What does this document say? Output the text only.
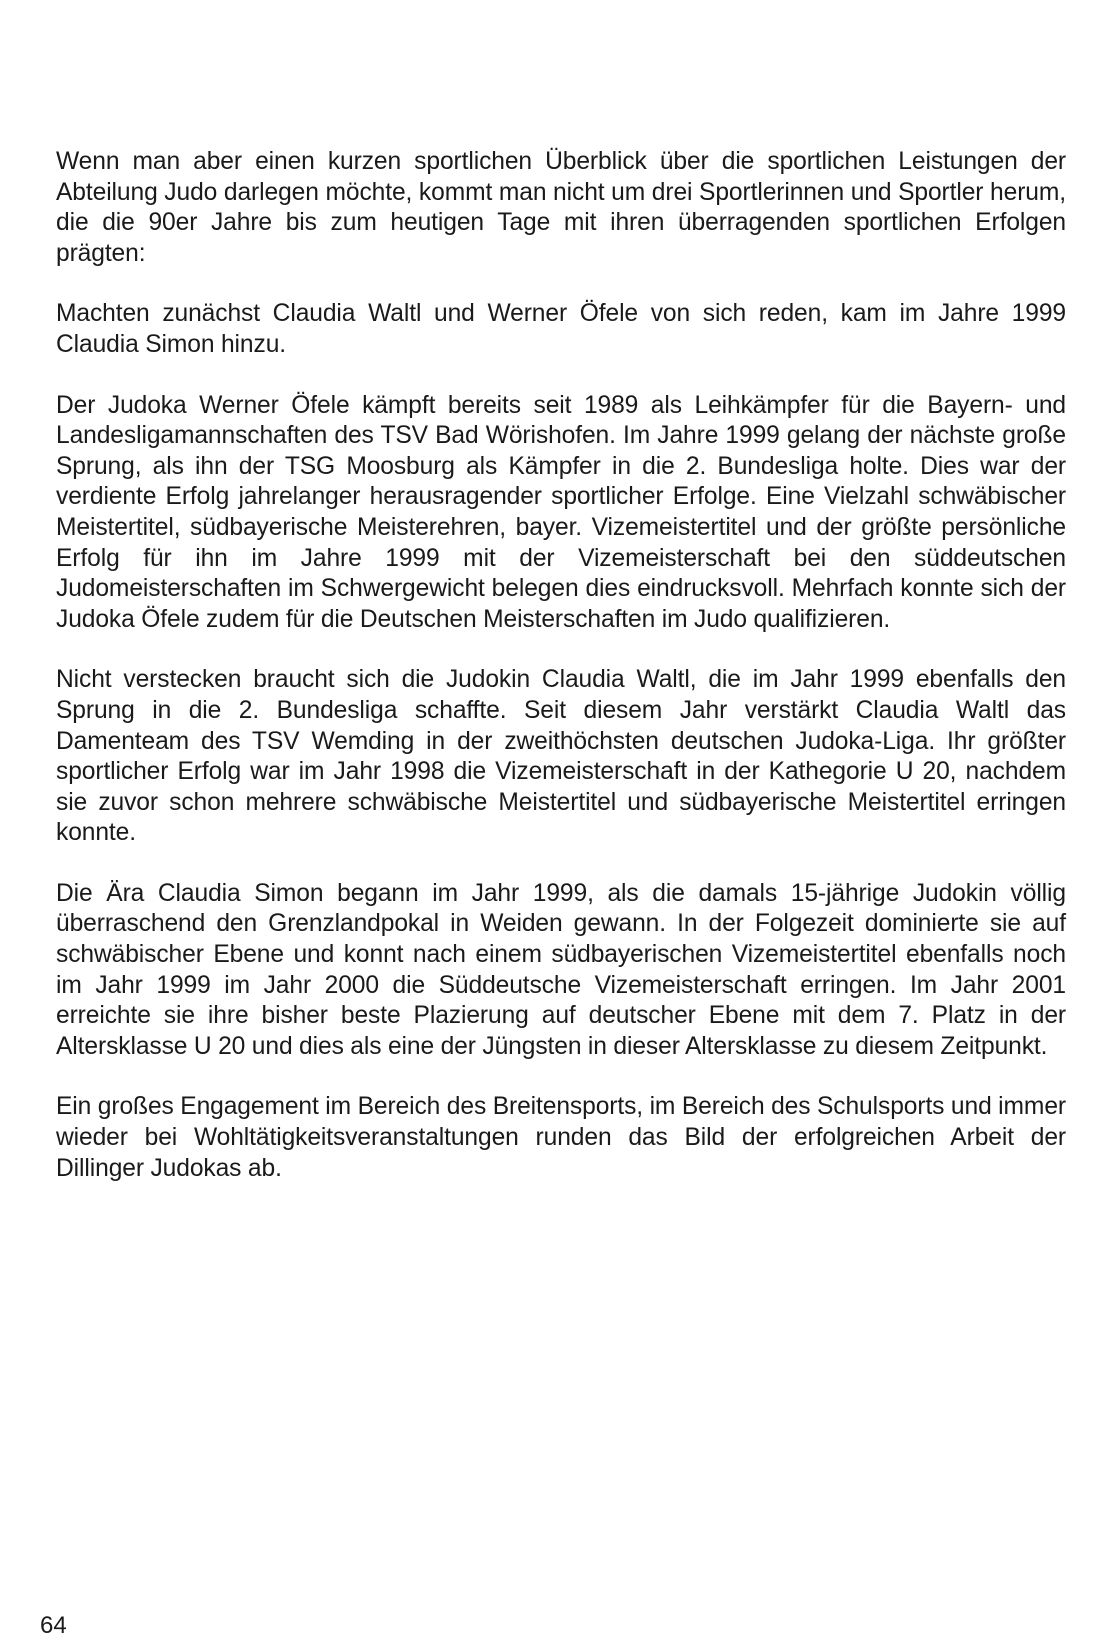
Wenn man aber einen kurzen sportlichen Überblick über die sportlichen Leistungen der Abteilung Judo darlegen möchte, kommt man nicht um drei Sportlerinnen und Sportler herum, die die 90er Jahre bis zum heutigen Tage mit ihren überragenden sportlichen Erfolgen prägten:

Machten zunächst Claudia Waltl und Werner Öfele von sich reden, kam im Jahre 1999 Claudia Simon hinzu.

Der Judoka Werner Öfele kämpft bereits seit 1989 als Leihkämpfer für die Bayern- und Landesligamannschaften des TSV Bad Wörishofen. Im Jahre 1999 gelang der nächste große Sprung, als ihn der TSG Moosburg als Kämpfer in die 2. Bundesliga holte. Dies war der verdiente Erfolg jahrelanger herausragender sportlicher Erfolge. Eine Vielzahl schwäbischer Meistertitel, südbayerische Meisterehren, bayer. Vizemeistertitel und der größte persönliche Erfolg für ihn im Jahre 1999 mit der Vizemeisterschaft bei den süddeutschen Judomeisterschaften im Schwergewicht belegen dies eindrucksvoll. Mehrfach konnte sich der Judoka Öfele zudem für die Deutschen Meisterschaften im Judo qualifizieren.

Nicht verstecken braucht sich die Judokin Claudia Waltl, die im Jahr 1999 ebenfalls den Sprung in die 2. Bundesliga schaffte. Seit diesem Jahr verstärkt Claudia Waltl das Damenteam des TSV Wemding in der zweithöchsten deutschen Judoka-Liga. Ihr größter sportlicher Erfolg war im Jahr 1998 die Vizemeisterschaft in der Kathegorie U 20, nachdem sie zuvor schon mehrere schwäbische Meistertitel und südbayerische Meistertitel erringen konnte.

Die Ära Claudia Simon begann im Jahr 1999, als die damals 15-jährige Judokin völlig überraschend den Grenzlandpokal in Weiden gewann. In der Folgezeit dominierte sie auf schwäbischer Ebene und konnt nach einem südbayerischen Vizemeistertitel ebenfalls noch im Jahr 1999 im Jahr 2000 die Süddeutsche Vizemeisterschaft erringen. Im Jahr 2001 erreichte sie ihre bisher beste Plazierung auf deutscher Ebene mit dem 7. Platz in der Altersklasse U 20 und dies als eine der Jüngsten in dieser Altersklasse zu diesem Zeitpunkt.

Ein großes Engagement im Bereich des Breitensports, im Bereich des Schulsports und immer wieder bei Wohltätigkeitsveranstaltungen runden das Bild der erfolgreichen Arbeit der Dillinger Judokas ab.

64
